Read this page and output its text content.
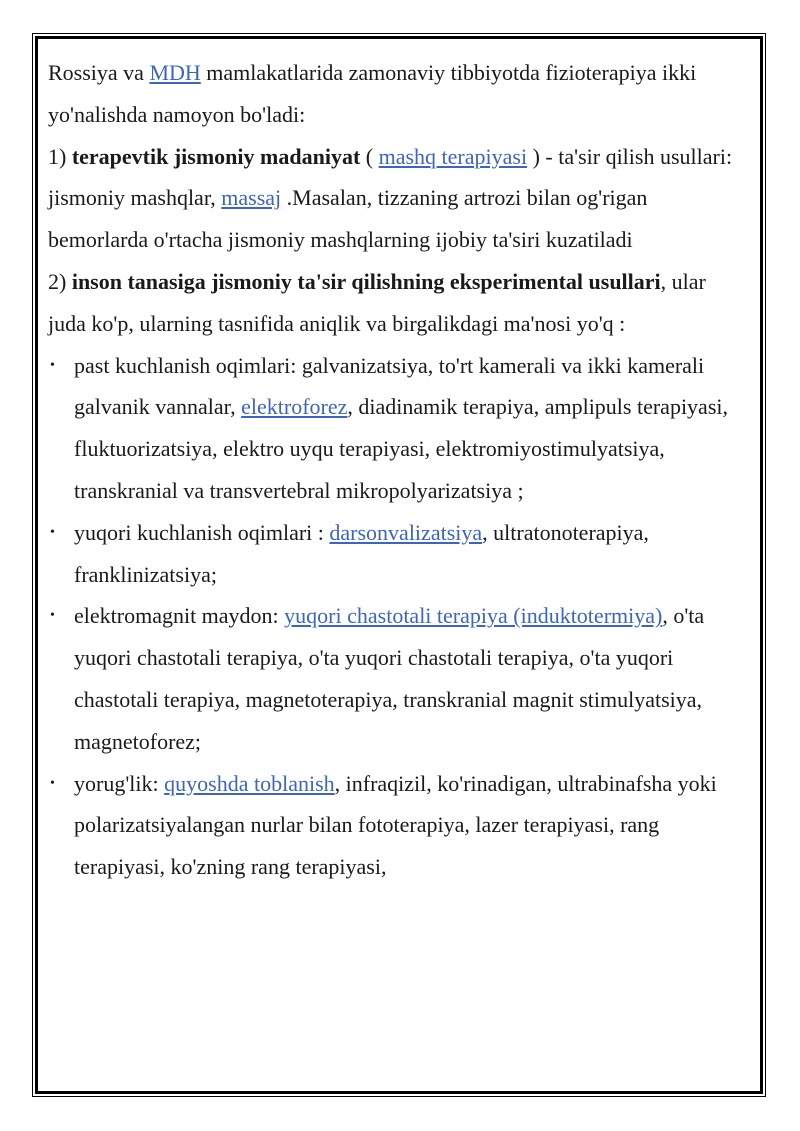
Rossiya va MDH mamlakatlarida zamonaviy tibbiyotda fizioterapiya ikki yo'nalishda namoyon bo'ladi:

1) terapevtik jismoniy madaniyat ( mashq terapiyasi ) - ta'sir qilish usullari: jismoniy mashqlar, massaj .Masalan, tizzaning artrozi bilan og'rigan bemorlarda o'rtacha jismoniy mashqlarning ijobiy ta'siri kuzatiladi

2) inson tanasiga jismoniy ta'sir qilishning eksperimental usullari, ular juda ko'p, ularning tasnifida aniqlik va birgalikdagi ma'nosi yo'q :

• past kuchlanish oqimlari: galvanizatsiya, to'rt kamerali va ikki kamerali galvanik vannalar, elektroforez, diadinamik terapiya, amplipuls terapiyasi, fluktuorizatsiya, elektro uyqu terapiyasi, elektromiyostimulyatsiya, transkranial va transvertebral mikropolyarizatsiya ;
• yuqori kuchlanish oqimlari : darsonvalizatsiya, ultratonoterapiya, franklinizatsiya;
• elektromagnit maydon: yuqori chastotali terapiya (induktotermiya), o'ta yuqori chastotali terapiya, o'ta yuqori chastotali terapiya, o'ta yuqori chastotali terapiya, magnetoterapiya, transkranial magnit stimulyatsiya, magnetoforez;
• yorug'lik: quyoshda toblanish, infraqizil, ko'rinadigan, ultrabinafsha yoki polarizatsiyalangan nurlar bilan fototerapiya, lazer terapiyasi, rang terapiyasi, ko'zning rang terapiyasi,
